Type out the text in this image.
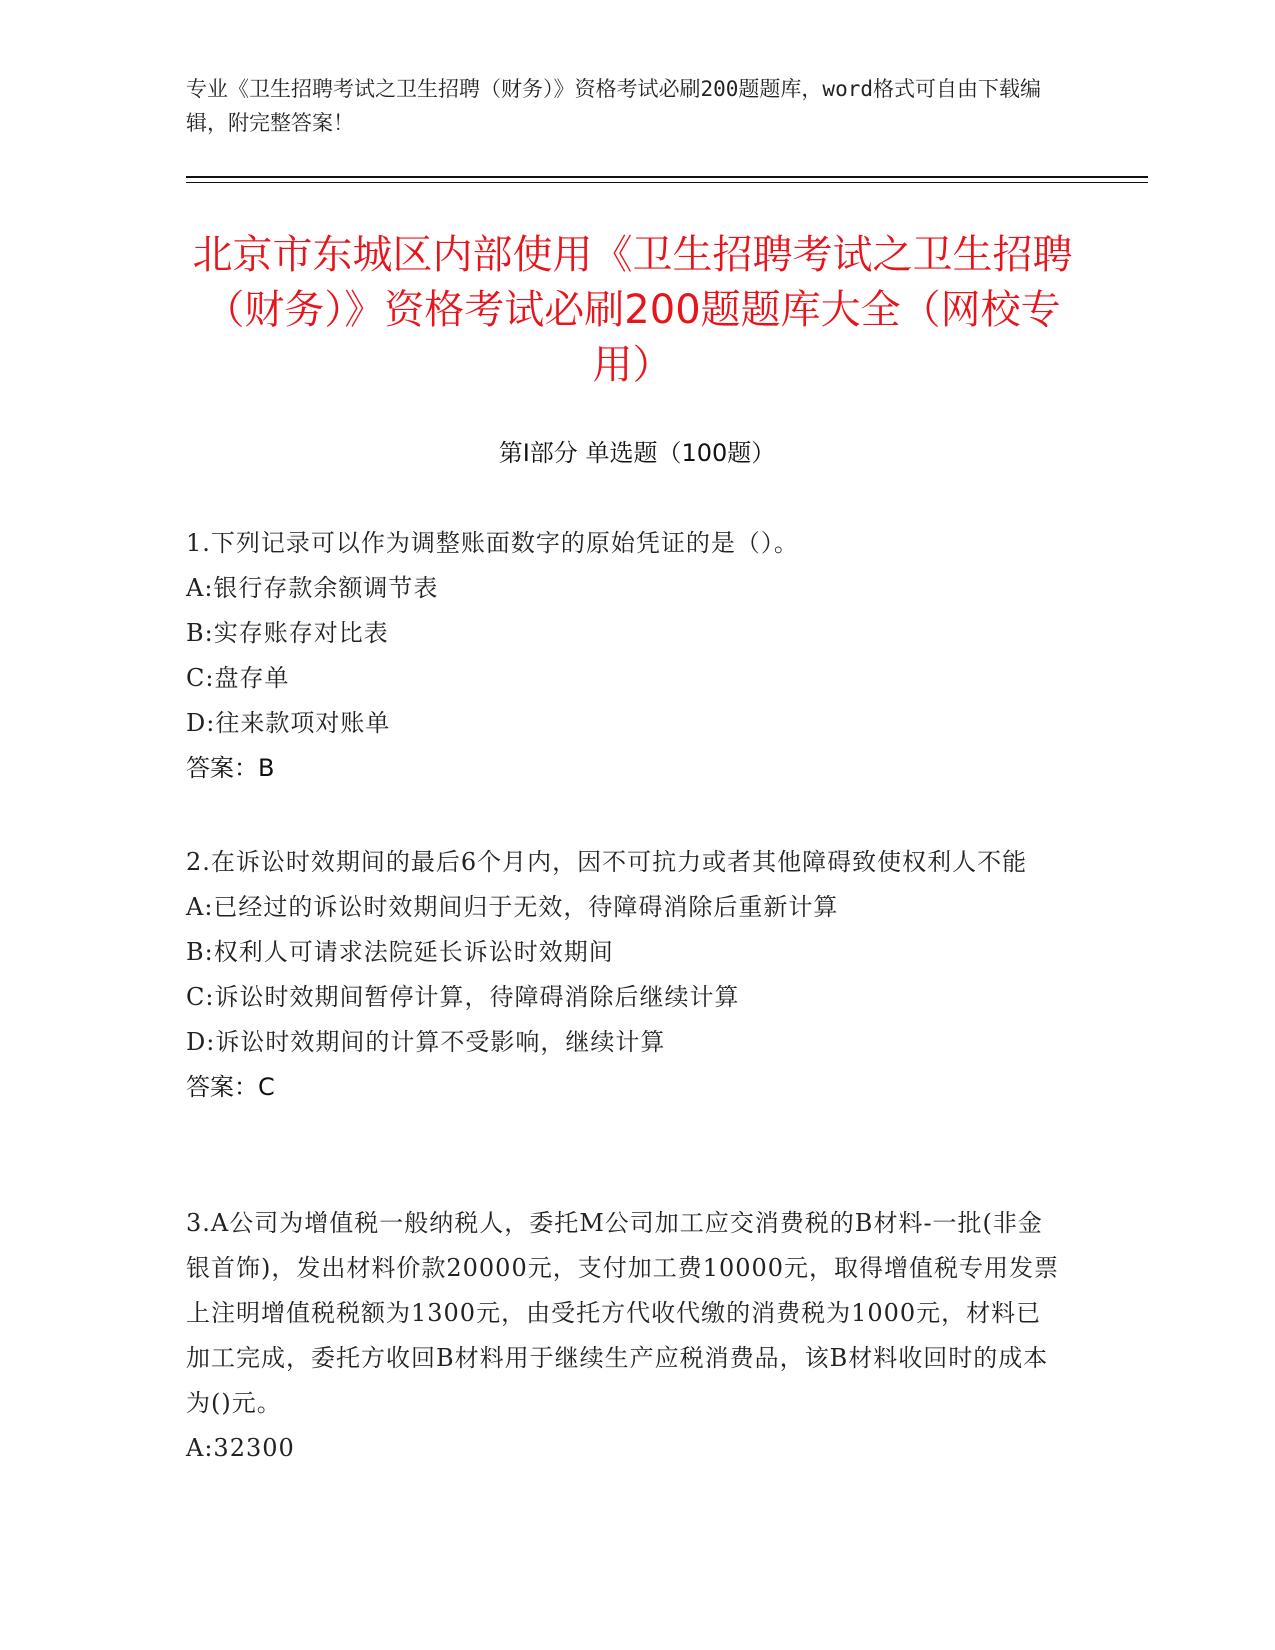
专业《卫生招聘考试之卫生招聘（财务）》资格考试必刷200题题库，word格式可自由下载编辑，附完整答案！
北京市东城区内部使用《卫生招聘考试之卫生招聘（财务）》资格考试必刷200题题库大全（网校专用）
第Ⅰ部分 单选题（100题）

1.下列记录可以作为调整账面数字的原始凭证的是（）。

A:银行存款余额调节表

B:实存账存对比表

C:盘存单

D:往来款项对账单

答案：B

2.在诉讼时效期间的最后6个月内，因不可抗力或者其他障碍致使权利人不能

A:已经过的诉讼时效期间归于无效，待障碍消除后重新计算

B:权利人可请求法院延长诉讼时效期间

C:诉讼时效期间暂停计算，待障碍消除后继续计算

D:诉讼时效期间的计算不受影响，继续计算

答案：C

3.A公司为增值税一般纳税人，委托M公司加工应交消费税的B材料-一批(非金银首饰)，发出材料价款20000元，支付加工费10000元，取得增值税专用发票上注明增值税税额为1300元，由受托方代收代缴的消费税为1000元，材料已加工完成，委托方收回B材料用于继续生产应税消费品，该B材料收回时的成本为()元。

A:32300
